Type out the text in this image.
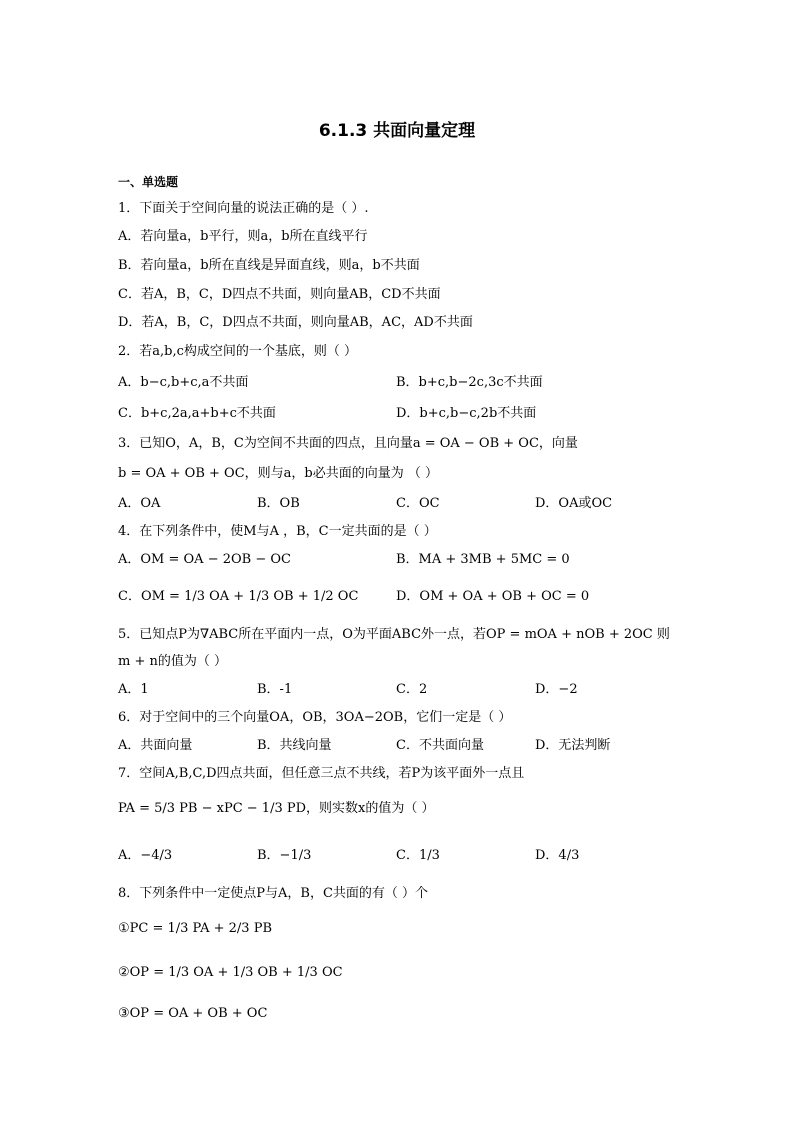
6.1.3 共面向量定理
一、单选题
1．下面关于空间向量的说法正确的是（ ）.
A．若向量a，b平行，则a，b所在直线平行
B．若向量a，b所在直线是异面直线，则a，b不共面
C．若A，B，C，D四点不共面，则向量AB，CD不共面
D．若A，B，C，D四点不共面，则向量AB，AC，AD不共面
2．若a,b,c构成空间的一个基底，则（ ）
A．b−c,b+c,a不共面	B．b+c,b−2c,3c不共面
C．b+c,2a,a+b+c不共面	D．b+c,b−c,2b不共面
3．已知O，A，B，C为空间不共面的四点，且向量a = OA − OB + OC，向量
b = OA + OB + OC，则与a，b必共面的向量为 （ ）
A．OA	B．OB	C．OC	D．OA或OC
4．在下列条件中，使M与A ，B，C一定共面的是（ ）
A．OM = OA − 2OB − OC	B．MA + 3MB + 5MC = 0
C．OM = 1/3 OA + 1/3 OB + 1/2 OC	D．OM + OA + OB + OC = 0
5．已知点P为∇ABC所在平面内一点，O为平面ABC外一点，若OP = mOA + nOB + 2OC 则
m + n的值为（ ）
A．1	B．-1	C．2	D．−2
6．对于空间中的三个向量OA，OB，3OA−2OB，它们一定是（ ）
A．共面向量	B．共线向量	C．不共面向量	D．无法判断
7．空间A,B,C,D四点共面，但任意三点不共线，若P为该平面外一点且
PA = 5/3 PB − xPC − 1/3 PD，则实数x的值为（ ）
A．−4/3	B．−1/3	C．1/3	D．4/3
8．下列条件中一定使点P与A，B，C共面的有（ ）个
①PC = 1/3 PA + 2/3 PB
②OP = 1/3 OA + 1/3 OB + 1/3 OC
③OP = OA + OB + OC
